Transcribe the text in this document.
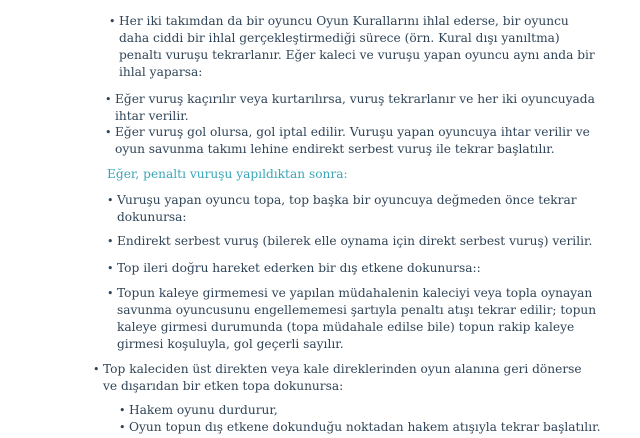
• Her iki takımdan da bir oyuncu Oyun Kurallarını ihlal ederse, bir oyuncu
daha ciddi bir ihlal gerçekleştirmediği sürece (örn. Kural dışı yanıltma)
penaltı vuruşu tekrarlanır. Eğer kaleci ve vuruşu yapan oyuncu aynı anda bir
ihlal yaparsa:
• Eğer vuruş kaçırılır veya kurtarılırsa, vuruş tekrarlanır ve her iki oyuncuyada
ihtar verilir.
• Eğer vuruş gol olursa, gol iptal edilir. Vuruşu yapan oyuncuya ihtar verilir ve
oyun savunma takımı lehine endirekt serbest vuruş ile tekrar başlatılır.
Eğer, penaltı vuruşu yapıldıktan sonra:
• Vuruşu yapan oyuncu topa, top başka bir oyuncuya değmeden önce tekrar
dokunursa:
• Endirekt serbest vuruş (bilerek elle oynama için direkt serbest vuruş) verilir.
• Top ileri doğru hareket ederken bir dış etkene dokunursa::
• Topun kaleye girmemesi ve yapılan müdahalenin kaleciyi veya topla oynayan
savunma oyuncusunu engellememesi şartıyla penaltı atışı tekrar edilir; topun
kaleye girmesi durumunda (topa müdahale edilse bile) topun rakip kaleye
girmesi koşuluyla, gol geçerli sayılır.
• Top kaleciden üst direkten veya kale direklerinden oyun alanına geri dönerse
ve dışarıdan bir etken topa dokunursa:
• Hakem oyunu durdurur,
• Oyun topun dış etkene dokunduğu noktadan hakem atışıyla tekrar başlatılır.
